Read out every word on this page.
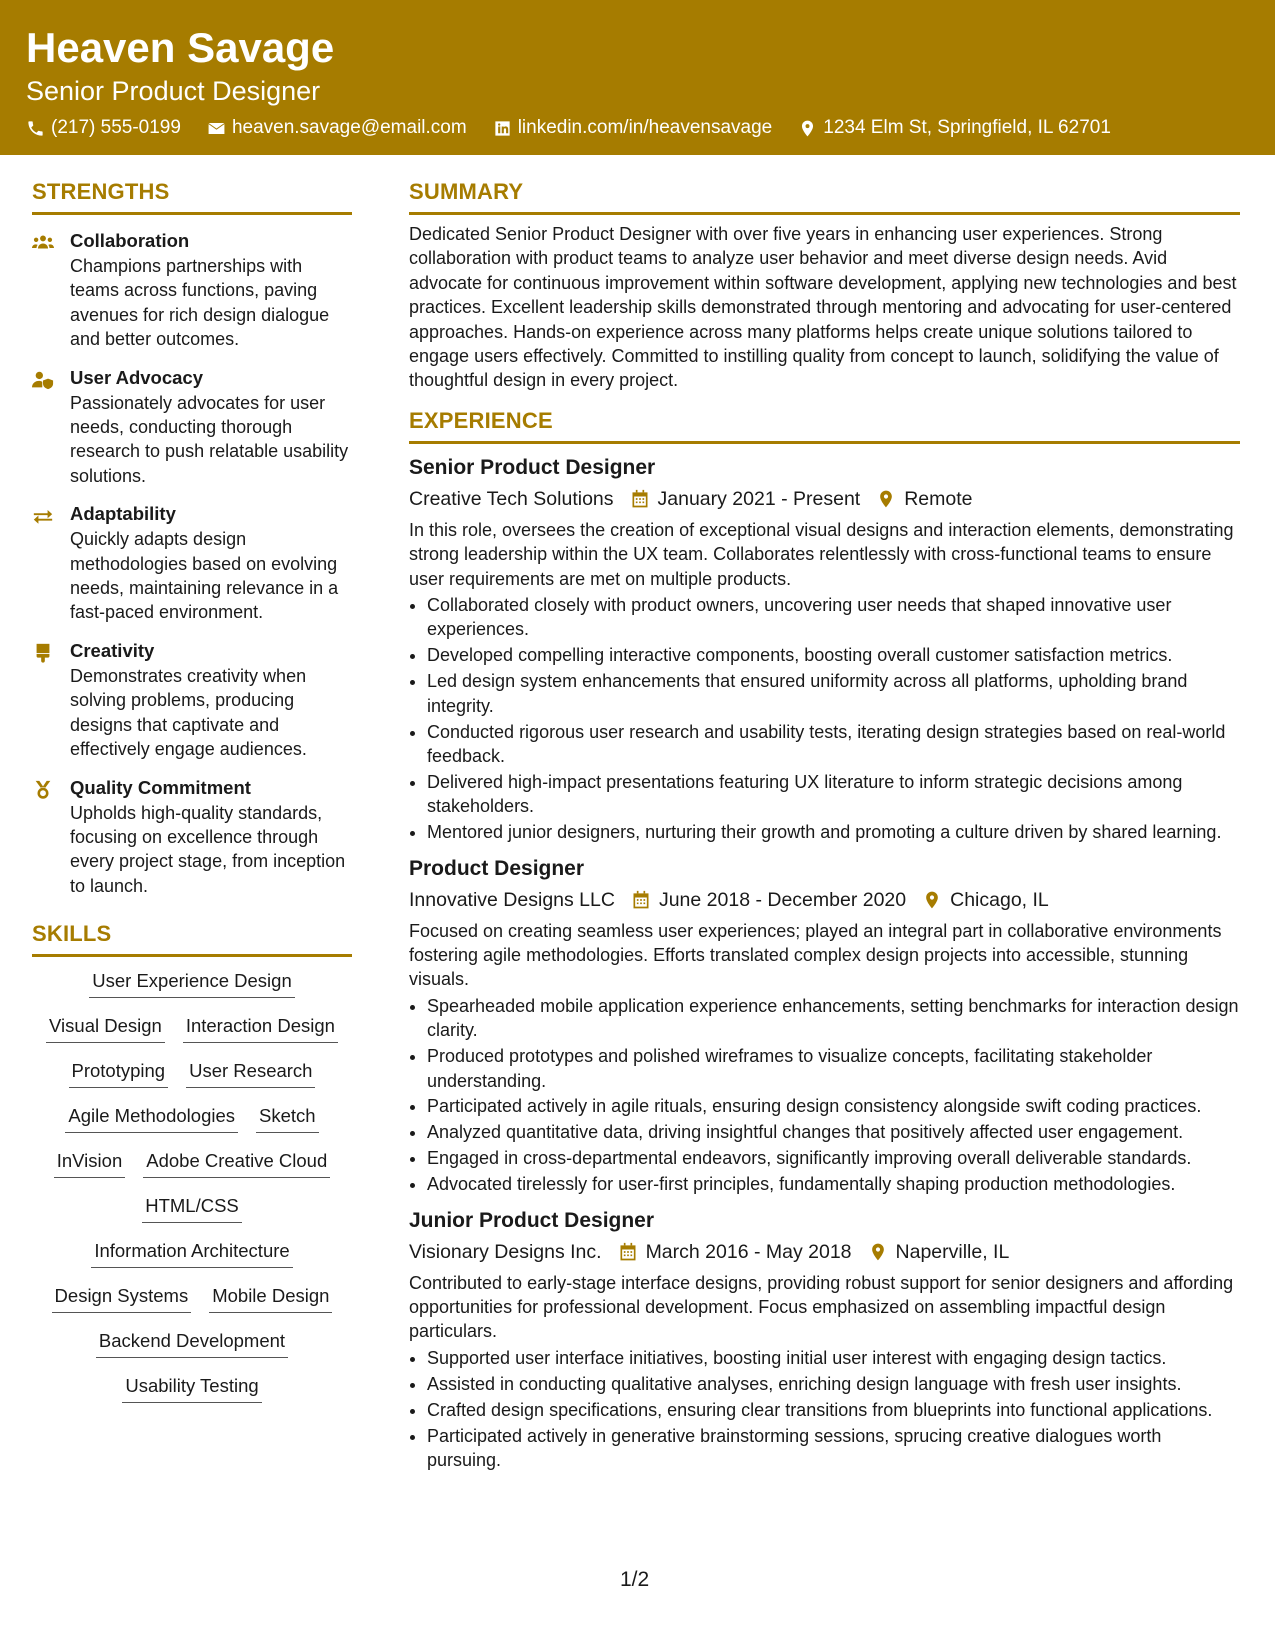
Heaven Savage
Senior Product Designer
(217) 555-0199	heaven.savage@email.com	linkedin.com/in/heavensavage	1234 Elm St, Springfield, IL 62701
STRENGTHS
Collaboration
Champions partnerships with teams across functions, paving avenues for rich design dialogue and better outcomes.
User Advocacy
Passionately advocates for user needs, conducting thorough research to push relatable usability solutions.
Adaptability
Quickly adapts design methodologies based on evolving needs, maintaining relevance in a fast-paced environment.
Creativity
Demonstrates creativity when solving problems, producing designs that captivate and effectively engage audiences.
Quality Commitment
Upholds high-quality standards, focusing on excellence through every project stage, from inception to launch.
SKILLS
User Experience Design
Visual Design Interaction Design
Prototyping User Research
Agile Methodologies Sketch
InVision Adobe Creative Cloud
HTML/CSS
Information Architecture
Design Systems Mobile Design
Backend Development
Usability Testing
SUMMARY
Dedicated Senior Product Designer with over five years in enhancing user experiences. Strong collaboration with product teams to analyze user behavior and meet diverse design needs. Avid advocate for continuous improvement within software development, applying new technologies and best practices. Excellent leadership skills demonstrated through mentoring and advocating for user-centered approaches. Hands-on experience across many platforms helps create unique solutions tailored to engage users effectively. Committed to instilling quality from concept to launch, solidifying the value of thoughtful design in every project.
EXPERIENCE
Senior Product Designer
Creative Tech Solutions January 2021 - Present Remote
In this role, oversees the creation of exceptional visual designs and interaction elements, demonstrating strong leadership within the UX team. Collaborates relentlessly with cross-functional teams to ensure user requirements are met on multiple products.
• Collaborated closely with product owners, uncovering user needs that shaped innovative user experiences.
• Developed compelling interactive components, boosting overall customer satisfaction metrics.
• Led design system enhancements that ensured uniformity across all platforms, upholding brand integrity.
• Conducted rigorous user research and usability tests, iterating design strategies based on real-world feedback.
• Delivered high-impact presentations featuring UX literature to inform strategic decisions among stakeholders.
• Mentored junior designers, nurturing their growth and promoting a culture driven by shared learning.
Product Designer
Innovative Designs LLC June 2018 - December 2020 Chicago, IL
Focused on creating seamless user experiences; played an integral part in collaborative environments fostering agile methodologies. Efforts translated complex design projects into accessible, stunning visuals.
• Spearheaded mobile application experience enhancements, setting benchmarks for interaction design clarity.
• Produced prototypes and polished wireframes to visualize concepts, facilitating stakeholder understanding.
• Participated actively in agile rituals, ensuring design consistency alongside swift coding practices.
• Analyzed quantitative data, driving insightful changes that positively affected user engagement.
• Engaged in cross-departmental endeavors, significantly improving overall deliverable standards.
• Advocated tirelessly for user-first principles, fundamentally shaping production methodologies.
Junior Product Designer
Visionary Designs Inc. March 2016 - May 2018 Naperville, IL
Contributed to early-stage interface designs, providing robust support for senior designers and affording opportunities for professional development. Focus emphasized on assembling impactful design particulars.
• Supported user interface initiatives, boosting initial user interest with engaging design tactics.
• Assisted in conducting qualitative analyses, enriching design language with fresh user insights.
• Crafted design specifications, ensuring clear transitions from blueprints into functional applications.
• Participated actively in generative brainstorming sessions, sprucing creative dialogues worth pursuing.
1/2
